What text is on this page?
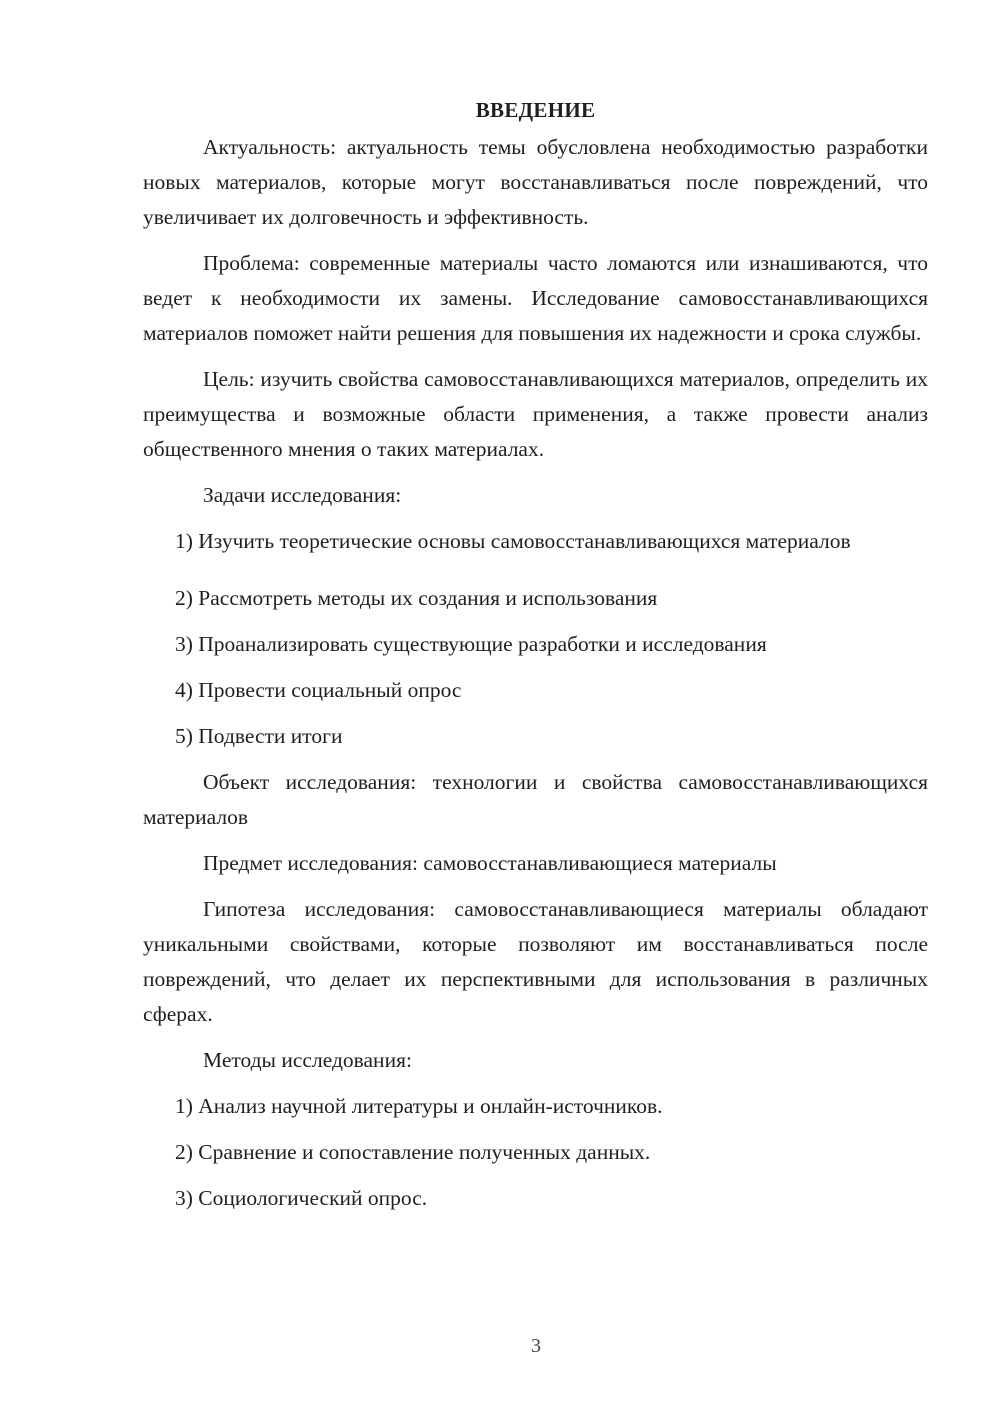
ВВЕДЕНИЕ

Актуальность: актуальность темы обусловлена необходимостью разработки новых материалов, которые могут восстанавливаться после повреждений, что увеличивает их долговечность и эффективность.

Проблема: современные материалы часто ломаются или изнашиваются, что ведет к необходимости их замены. Исследование самовосстанавливающихся материалов поможет найти решения для повышения их надежности и срока службы.

Цель: изучить свойства самовосстанавливающихся материалов, определить их преимущества и возможные области применения, а также провести анализ общественного мнения о таких материалах.

Задачи исследования:

1) Изучить теоретические основы самовосстанавливающихся материалов

2) Рассмотреть методы их создания и использования

3) Проанализировать существующие разработки и исследования

4) Провести социальный опрос

5) Подвести итоги

Объект исследования: технологии и свойства самовосстанавливающихся материалов

Предмет исследования: самовосстанавливающиеся материалы

Гипотеза исследования: самовосстанавливающиеся материалы обладают уникальными свойствами, которые позволяют им восстанавливаться после повреждений, что делает их перспективными для использования в различных сферах.

Методы исследования:

1) Анализ научной литературы и онлайн-источников.

2) Сравнение и сопоставление полученных данных.

3) Социологический опрос.

3
